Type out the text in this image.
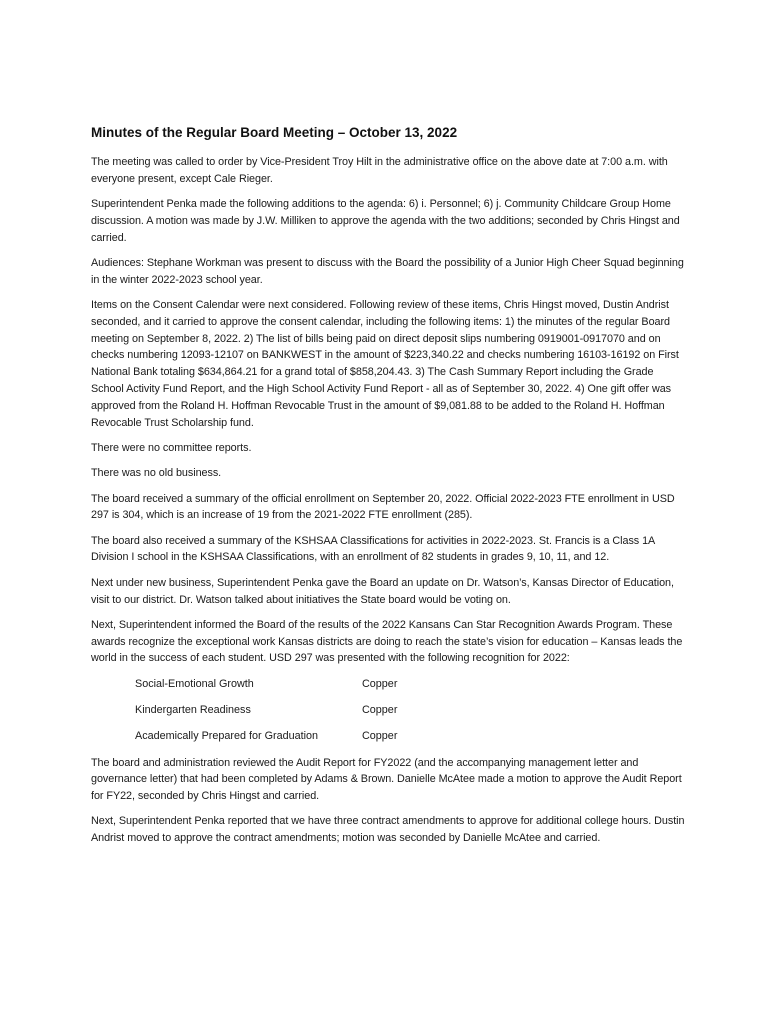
Minutes of the Regular Board Meeting – October 13, 2022

The meeting was called to order by Vice-President Troy Hilt in the administrative office on the above date at 7:00 a.m. with everyone present, except Cale Rieger.

Superintendent Penka made the following additions to the agenda: 6) i. Personnel; 6) j. Community Childcare Group Home discussion. A motion was made by J.W. Milliken to approve the agenda with the two additions; seconded by Chris Hingst and carried.

Audiences: Stephane Workman was present to discuss with the Board the possibility of a Junior High Cheer Squad beginning in the winter 2022-2023 school year.

Items on the Consent Calendar were next considered. Following review of these items, Chris Hingst moved, Dustin Andrist seconded, and it carried to approve the consent calendar, including the following items: 1) the minutes of the regular Board meeting on September 8, 2022. 2) The list of bills being paid on direct deposit slips numbering 0919001-0917070 and on checks numbering 12093-12107 on BANKWEST in the amount of $223,340.22 and checks numbering 16103-16192 on First National Bank totaling $634,864.21 for a grand total of $858,204.43. 3) The Cash Summary Report including the Grade School Activity Fund Report, and the High School Activity Fund Report - all as of September 30, 2022. 4) One gift offer was approved from the Roland H. Hoffman Revocable Trust in the amount of $9,081.88 to be added to the Roland H. Hoffman Revocable Trust Scholarship fund.

There were no committee reports.

There was no old business.

The board received a summary of the official enrollment on September 20, 2022. Official 2022-2023 FTE enrollment in USD 297 is 304, which is an increase of 19 from the 2021-2022 FTE enrollment (285).

The board also received a summary of the KSHSAA Classifications for activities in 2022-2023. St. Francis is a Class 1A Division I school in the KSHSAA Classifications, with an enrollment of 82 students in grades 9, 10, 11, and 12.

Next under new business, Superintendent Penka gave the Board an update on Dr. Watson’s, Kansas Director of Education, visit to our district. Dr. Watson talked about initiatives the State board would be voting on.

Next, Superintendent informed the Board of the results of the 2022 Kansans Can Star Recognition Awards Program. These awards recognize the exceptional work Kansas districts are doing to reach the state’s vision for education – Kansas leads the world in the success of each student. USD 297 was presented with the following recognition for 2022:

Social-Emotional Growth	Copper
Kindergarten Readiness	Copper
Academically Prepared for Graduation	Copper

The board and administration reviewed the Audit Report for FY2022 (and the accompanying management letter and governance letter) that had been completed by Adams & Brown. Danielle McAtee made a motion to approve the Audit Report for FY22, seconded by Chris Hingst and carried.

Next, Superintendent Penka reported that we have three contract amendments to approve for additional college hours. Dustin Andrist moved to approve the contract amendments; motion was seconded by Danielle McAtee and carried.
